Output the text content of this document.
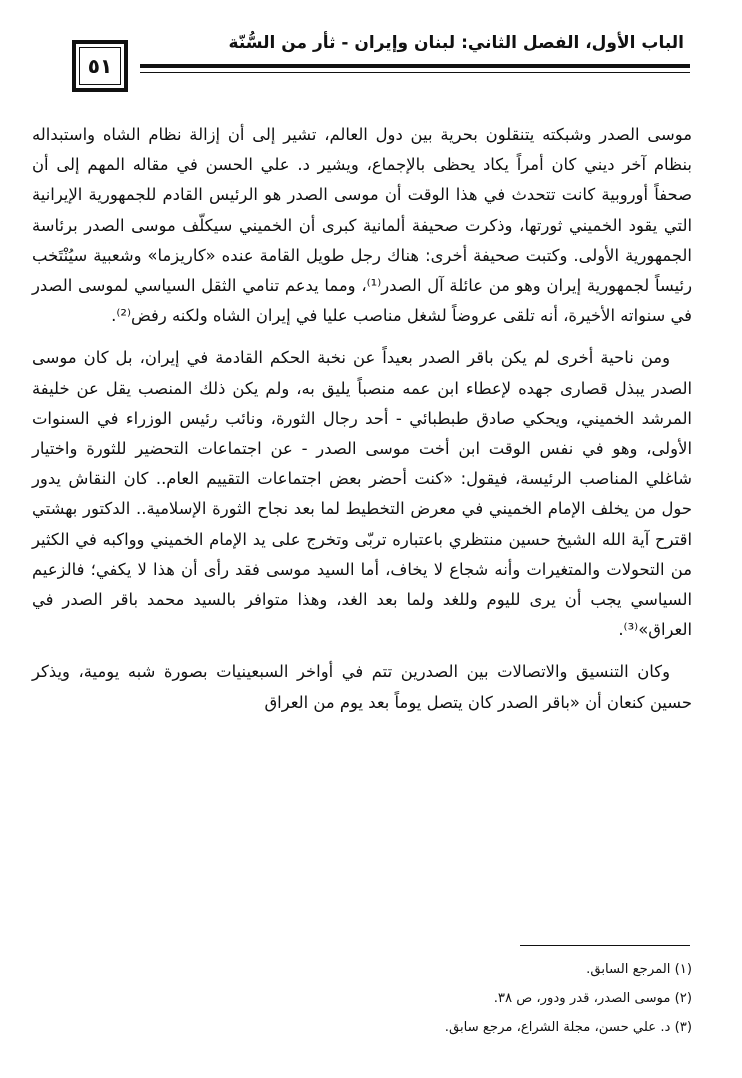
الباب الأول، الفصل الثاني: لبنان وإيران - ثأر من السُّنّة
٥١

موسى الصدر وشبكته يتنقلون بحرية بين دول العالم، تشير إلى أن إزالة نظام الشاه واستبداله بنظام آخر ديني كان أمراً يكاد يحظى بالإجماع، ويشير د. علي الحسن في مقاله المهم إلى أن صحفاً أوروبية كانت تتحدث في هذا الوقت أن موسى الصدر هو الرئيس القادم للجمهورية الإيرانية التي يقود الخميني ثورتها، وذكرت صحيفة ألمانية كبرى أن الخميني سيكلّف موسى الصدر برئاسة الجمهورية الأولى. وكتبت صحيفة أخرى: هناك رجل طويل القامة عنده «كاريزما» وشعبية سيُنْتَخب رئيساً لجمهورية إيران وهو من عائلة آل الصدر⁽¹⁾، ومما يدعم تنامي الثقل السياسي لموسى الصدر في سنواته الأخيرة، أنه تلقى عروضاً لشغل مناصب عليا في إيران الشاه ولكنه رفض⁽²⁾.

ومن ناحية أخرى لم يكن باقر الصدر بعيداً عن نخبة الحكم القادمة في إيران، بل كان موسى الصدر يبذل قصارى جهده لإعطاء ابن عمه منصباً يليق به، ولم يكن ذلك المنصب يقل عن خليفة المرشد الخميني، ويحكي صادق طبطبائي - أحد رجال الثورة، ونائب رئيس الوزراء في السنوات الأولى، وهو في نفس الوقت ابن أخت موسى الصدر - عن اجتماعات التحضير للثورة واختيار شاغلي المناصب الرئيسة، فيقول: «كنت أحضر بعض اجتماعات التقييم العام.. كان النقاش يدور حول من يخلف الإمام الخميني في معرض التخطيط لما بعد نجاح الثورة الإسلامية.. الدكتور بهشتي اقترح آية الله الشيخ حسين منتظري باعتباره تربّى وتخرج على يد الإمام الخميني وواكبه في الكثير من التحولات والمتغيرات وأنه شجاع لا يخاف، أما السيد موسى فقد رأى أن هذا لا يكفي؛ فالزعيم السياسي يجب أن يرى لليوم وللغد ولما بعد الغد، وهذا متوافر بالسيد محمد باقر الصدر في العراق»⁽³⁾.

وكان التنسيق والاتصالات بين الصدرين تتم في أواخر السبعينيات بصورة شبه يومية، ويذكر حسين كنعان أن «باقر الصدر كان يتصل يوماً بعد يوم من العراق

(١) المرجع السابق.
(٢) موسى الصدر، قدر ودور، ص ٣٨.
(٣) د. علي حسن، مجلة الشراع، مرجع سابق.
